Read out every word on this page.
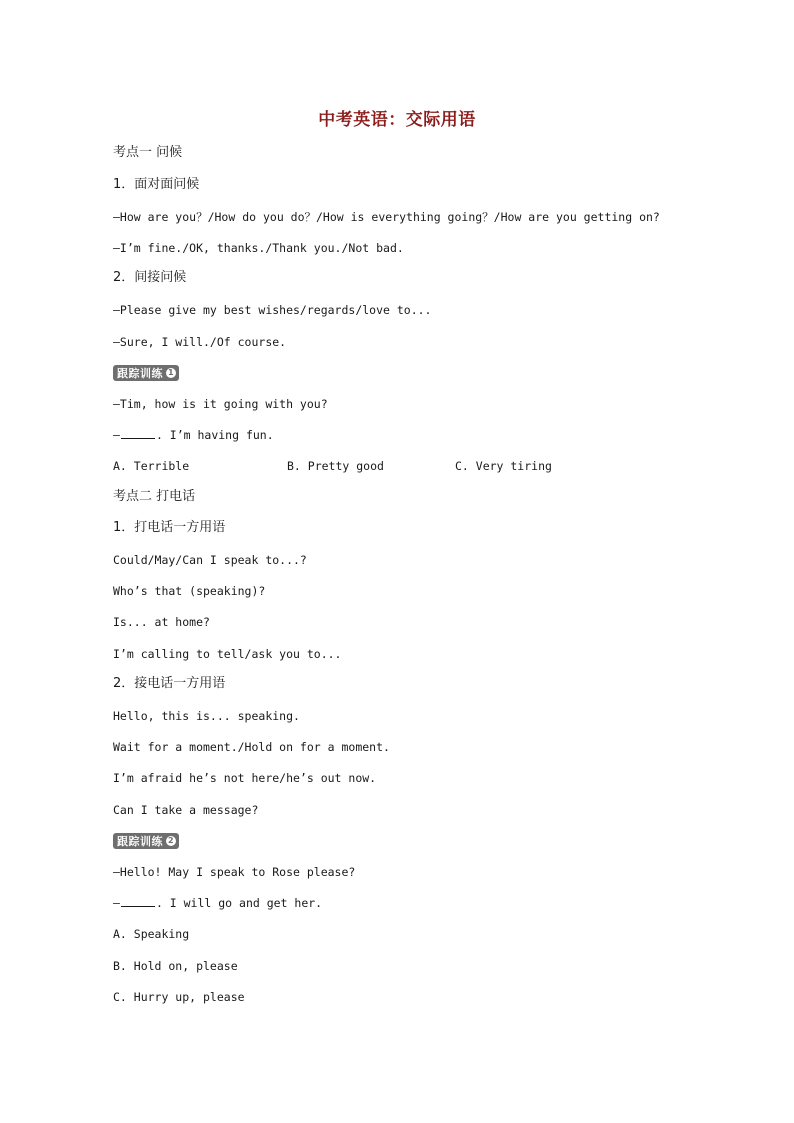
中考英语：交际用语
考点一 问候
1．面对面问候
—How are you？/How do you do？/How is everything going？/How are you getting on?
—I’m fine./OK, thanks./Thank you./Not bad.
2．间接问候
—Please give my best wishes/regards/love to...
—Sure, I will./Of course.
跟踪训练 1
—Tim, how is it going with you?
—	. I’m having fun.
A. Terrible	B. Pretty good	C. Very tiring
考点二 打电话
1．打电话一方用语
Could/May/Can I speak to...?
Who’s that (speaking)?
Is... at home?
I’m calling to tell/ask you to...
2．接电话一方用语
Hello, this is... speaking.
Wait for a moment./Hold on for a moment.
I’m afraid he’s not here/he’s out now.
Can I take a message?
跟踪训练 2
—Hello! May I speak to Rose please?
—	. I will go and get her.
A. Speaking
B. Hold on, please
C. Hurry up, please
